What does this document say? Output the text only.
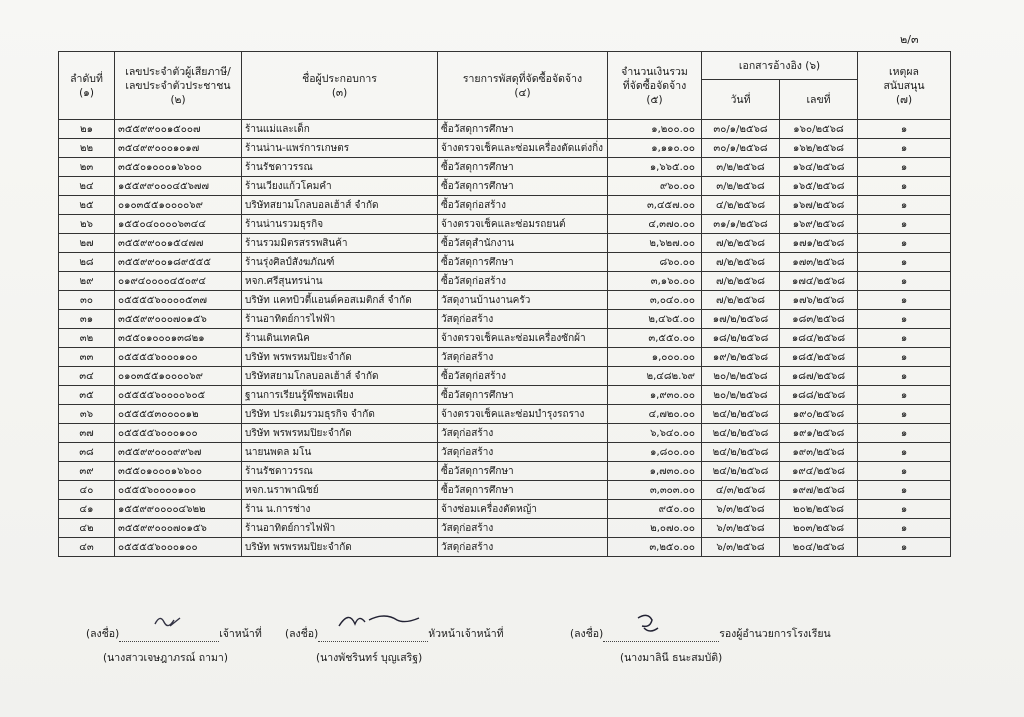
๒/๓
ลำดับที่
(๑)	เลขประจำตัวผู้เสียภาษี/
เลขประจำตัวประชาชน
(๒)	ชื่อผู้ประกอบการ
(๓)	รายการพัสดุที่จัดซื้อจัดจ้าง
(๔)	จำนวนเงินรวม
ที่จัดซื้อจัดจ้าง
(๕)	เอกสารอ้างอิง (๖)		เหตุผล
สนับสนุน
(๗)
					วันที่	เลขที่	
๒๑	๓๕๕๙๙๐๐๑๕๐๐๗	ร้านแม่และเด็ก	ซื้อวัสดุการศึกษา	๑,๒๐๐.๐๐	๓๐/๑/๒๕๖๘	๑๖๐/๒๕๖๘	๑
๒๒	๓๕๔๙๙๐๐๐๑๐๑๗	ร้านน่าน-แพร่การเกษตร	จ้างตรวจเช็คและซ่อมเครื่องตัดแต่งกิ่ง	๑,๑๑๐.๐๐	๓๐/๑/๒๕๖๘	๑๖๒/๒๕๖๘	๑
๒๓	๓๕๕๐๑๐๐๐๑๖๖๐๐	ร้านรัชดาวรรณ	ซื้อวัสดุการศึกษา	๑,๖๖๕.๐๐	๓/๒/๒๕๖๘	๑๖๔/๒๕๖๘	๑
๒๔	๑๕๕๙๙๐๐๐๔๕๖๗๗	ร้านเวียงแก้วโคมคำ	ซื้อวัสดุการศึกษา	๙๖๐.๐๐	๓/๒/๒๕๖๘	๑๖๕/๒๕๖๘	๑
๒๕	๐๑๐๓๕๕๑๐๐๐๐๖๙	บริษัทสยามโกลบอลเฮ้าส์ จำกัด	ซื้อวัสดุก่อสร้าง	๓,๔๕๗.๐๐	๔/๒/๒๕๖๘	๑๖๗/๒๕๖๘	๑
๒๖	๑๕๕๐๔๐๐๐๐๖๓๔๔	ร้านน่านรวมธุรกิจ	จ้างตรวจเช็คและซ่อมรถยนต์	๔,๓๗๐.๐๐	๓๑/๑/๒๕๖๘	๑๖๙/๒๕๖๘	๑
๒๗	๓๕๕๙๙๐๐๑๕๔๗๗	ร้านรวมมิตรสรรพสินค้า	ซื้อวัสดุสำนักงาน	๒,๖๒๗.๐๐	๗/๒/๒๕๖๘	๑๗๑/๒๕๖๘	๑
๒๘	๓๕๕๙๙๐๐๑๘๙๕๕๕	ร้านรุ่งศิลป์สังฆภัณฑ์	ซื้อวัสดุการศึกษา	๘๖๐.๐๐	๗/๒/๒๕๖๘	๑๗๓/๒๕๖๘	๑
๒๙	๐๑๙๔๐๐๐๐๔๕๐๙๔	หจก.ศรีสุนทรน่าน	ซื้อวัสดุก่อสร้าง	๓,๑๖๐.๐๐	๗/๒/๒๕๖๘	๑๗๔/๒๕๖๘	๑
๓๐	๐๕๕๕๕๖๐๐๐๐๕๓๗	บริษัท แคทบิวตี้แอนด์คอสเมติกส์ จำกัด	วัสดุงานบ้านงานครัว	๓,๐๔๐.๐๐	๗/๒/๒๕๖๘	๑๗๖/๒๕๖๘	๑
๓๑	๓๕๕๙๙๐๐๐๗๐๑๕๖	ร้านอาทิตย์การไฟฟ้า	วัสดุก่อสร้าง	๒,๔๖๕.๐๐	๑๗/๒/๒๕๖๘	๑๘๓/๒๕๖๘	๑
๓๒	๓๕๕๐๑๐๐๐๑๓๘๒๑	ร้านเดินเทคนิค	จ้างตรวจเช็คและซ่อมเครื่องซักผ้า	๓,๕๕๐.๐๐	๑๘/๒/๒๕๖๘	๑๘๔/๒๕๖๘	๑
๓๓	๐๕๕๕๕๖๐๐๐๑๐๐	บริษัท พรพรหมปิยะจำกัด	วัสดุก่อสร้าง	๑,๐๐๐.๐๐	๑๙/๒/๒๕๖๘	๑๘๕/๒๕๖๘	๑
๓๔	๐๑๐๓๕๕๑๐๐๐๐๖๙	บริษัทสยามโกลบอลเฮ้าส์ จำกัด	ซื้อวัสดุก่อสร้าง	๒,๔๘๒.๖๙	๒๐/๒/๒๕๖๘	๑๘๗/๒๕๖๘	๑
๓๕	๐๕๕๕๕๖๐๐๐๐๖๐๕	ฐานการเรียนรู้พืชพอเพียง	ซื้อวัสดุการศึกษา	๑,๙๓๐.๐๐	๒๐/๒/๒๕๖๘	๑๘๘/๒๕๖๘	๑
๓๖	๐๕๕๕๕๓๐๐๐๐๑๒	บริษัท ประเดิมรวมธุรกิจ จำกัด	จ้างตรวจเช็คและซ่อมบำรุงรถราง	๔,๗๒๐.๐๐	๒๔/๒/๒๕๖๘	๑๙๐/๒๕๖๘	๑
๓๗	๐๕๕๕๕๖๐๐๐๑๐๐	บริษัท พรพรหมปิยะจำกัด	วัสดุก่อสร้าง	๖,๖๔๐.๐๐	๒๔/๒/๒๕๖๘	๑๙๑/๒๕๖๘	๑
๓๘	๓๕๕๙๙๐๐๐๙๙๖๗	นายนพดล มโน	วัสดุก่อสร้าง	๑,๘๐๐.๐๐	๒๔/๒/๒๕๖๘	๑๙๓/๒๕๖๘	๑
๓๙	๓๕๕๐๑๐๐๐๑๖๖๐๐	ร้านรัชดาวรรณ	ซื้อวัสดุการศึกษา	๑,๗๓๐.๐๐	๒๔/๒/๒๕๖๘	๑๙๔/๒๕๖๘	๑
๔๐	๐๕๕๕๖๐๐๐๐๑๐๐	หจก.นราพาณิชย์	ซื้อวัสดุการศึกษา	๓,๓๐๓.๐๐	๔/๓/๒๕๖๘	๑๙๗/๒๕๖๘	๑
๔๑	๑๕๕๙๙๐๐๐๐๔๖๒๒	ร้าน น.การช่าง	จ้างซ่อมเครื่องตัดหญ้า	๙๕๐.๐๐	๖/๓/๒๕๖๘	๒๐๒/๒๕๖๘	๑
๔๒	๓๕๕๙๙๐๐๐๗๐๑๕๖	ร้านอาทิตย์การไฟฟ้า	วัสดุก่อสร้าง	๒,๐๗๐.๐๐	๖/๓/๒๕๖๘	๒๐๓/๒๕๖๘	๑
๔๓	๐๕๕๕๕๖๐๐๐๑๐๐	บริษัท พรพรหมปิยะจำกัด	วัสดุก่อสร้าง	๓,๒๕๐.๐๐	๖/๓/๒๕๖๘	๒๐๔/๒๕๖๘	๑
(ลงชื่อ)	เจ้าหน้าที่
(นางสาวเจษฎาภรณ์ ถามา)
(ลงชื่อ)	หัวหน้าเจ้าหน้าที่
(นางพัชรินทร์ บุญเสริฐ)
(ลงชื่อ)	รองผู้อำนวยการโรงเรียน
(นางมาลินี ธนะสมบัติ)
